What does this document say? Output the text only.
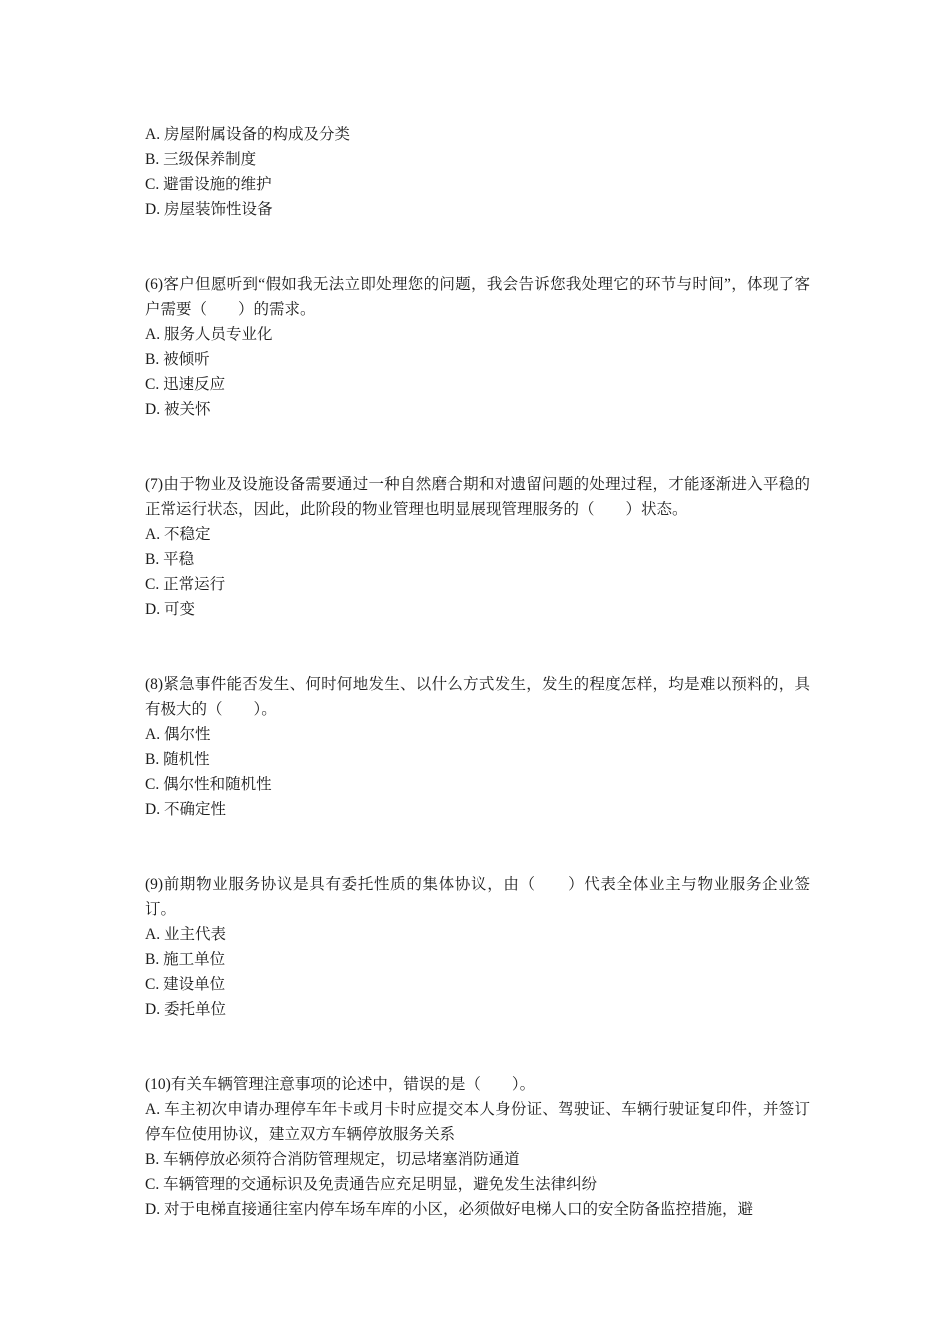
A. 房屋附属设备的构成及分类
B. 三级保养制度
C. 避雷设施的维护
D. 房屋装饰性设备
(6)客户但愿听到“假如我无法立即处理您的问题，我会告诉您我处理它的环节与时间”，体现了客户需要（　　）的需求。
A. 服务人员专业化
B. 被倾听
C. 迅速反应
D. 被关怀
(7)由于物业及设施设备需要通过一种自然磨合期和对遗留问题的处理过程，才能逐渐进入平稳的正常运行状态，因此，此阶段的物业管理也明显展现管理服务的（　　）状态。
A. 不稳定
B. 平稳
C. 正常运行
D. 可变
(8)紧急事件能否发生、何时何地发生、以什么方式发生，发生的程度怎样，均是难以预料的，具有极大的（　　）。
A. 偶尔性
B. 随机性
C. 偶尔性和随机性
D. 不确定性
(9)前期物业服务协议是具有委托性质的集体协议，由（　　）代表全体业主与物业服务企业签订。
A. 业主代表
B. 施工单位
C. 建设单位
D. 委托单位
(10)有关车辆管理注意事项的论述中，错误的是（　　）。
A. 车主初次申请办理停车年卡或月卡时应提交本人身份证、驾驶证、车辆行驶证复印件，并签订停车位使用协议，建立双方车辆停放服务关系
B. 车辆停放必须符合消防管理规定，切忌堵塞消防通道
C. 车辆管理的交通标识及免责通告应充足明显，避免发生法律纠纷
D. 对于电梯直接通往室内停车场车库的小区，必须做好电梯人口的安全防备监控措施，避
